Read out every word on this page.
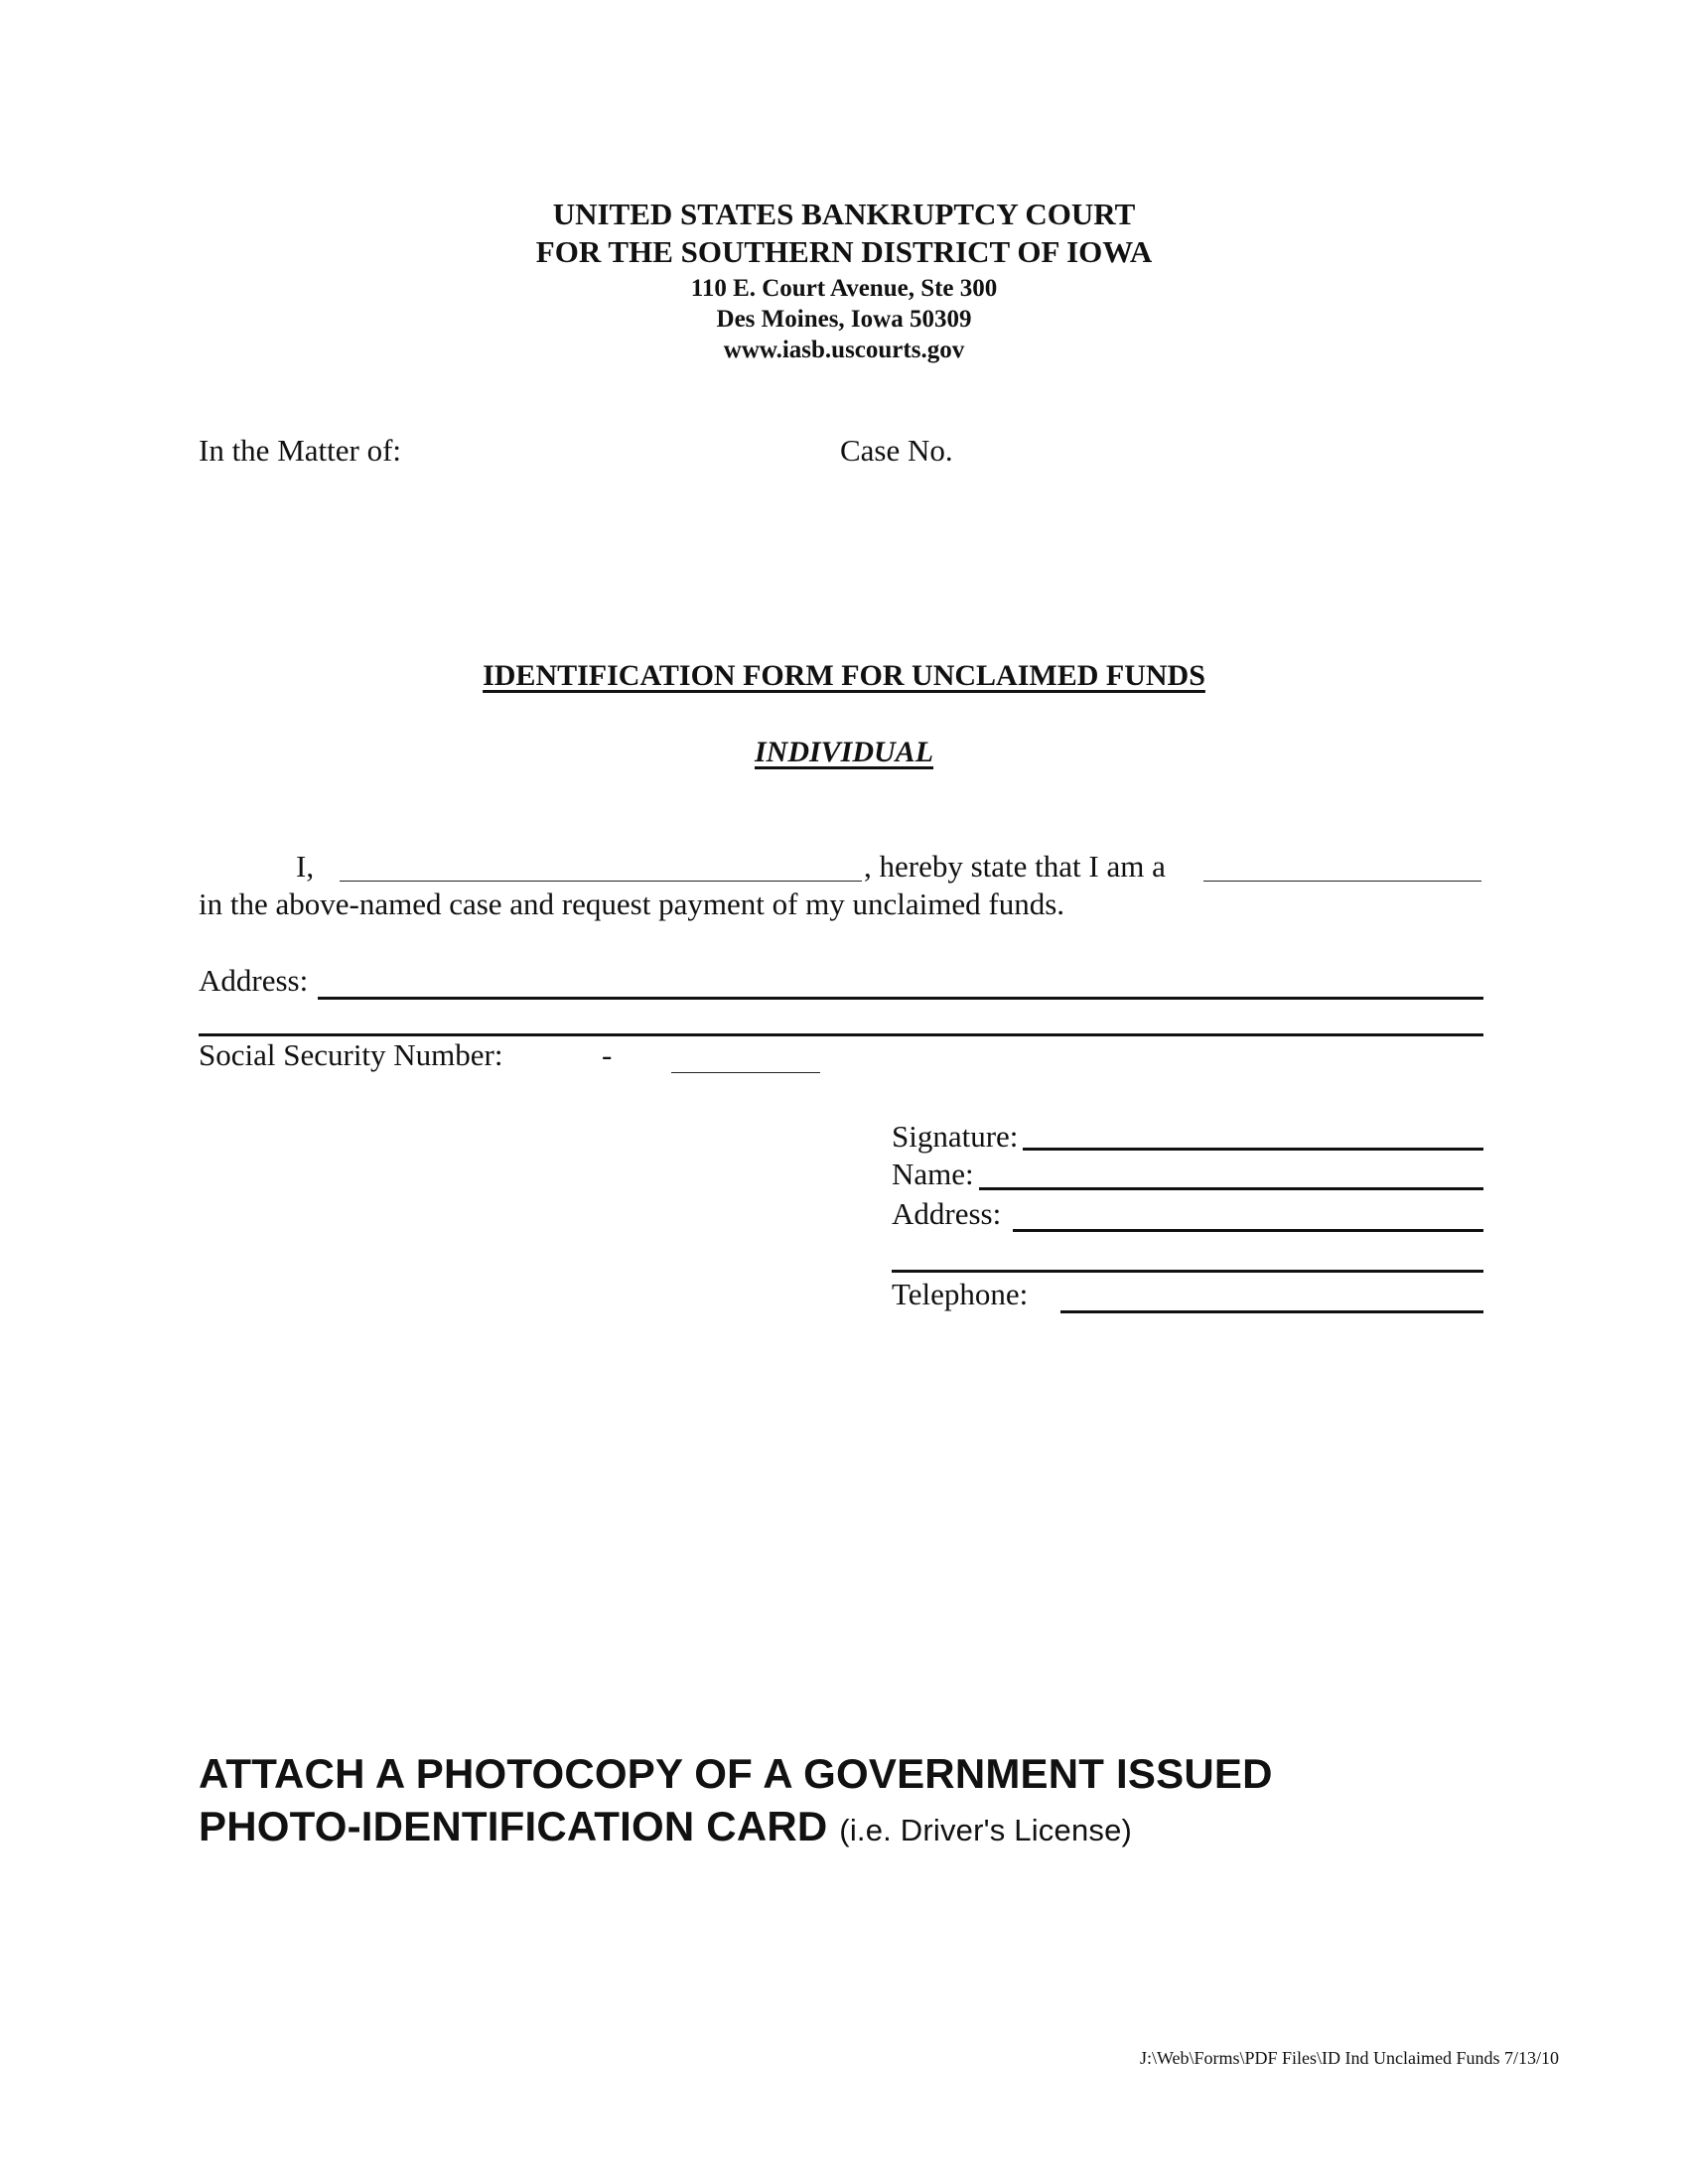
UNITED STATES BANKRUPTCY COURT
FOR THE SOUTHERN DISTRICT OF IOWA
110 E. Court Avenue, Ste 300
Des Moines, Iowa 50309
www.iasb.uscourts.gov
In the Matter of:	Case No.
IDENTIFICATION FORM FOR UNCLAIMED FUNDS
INDIVIDUAL
I,	, hereby state that I am a
in the above-named case and request payment of my unclaimed funds.
Address:
Social Security Number:	-
Signature:
Name:
Address:
Telephone:
ATTACH A PHOTOCOPY OF A GOVERNMENT ISSUED
PHOTO-IDENTIFICATION CARD (i.e. Driver's License)
J:\Web\Forms\PDF Files\ID Ind Unclaimed Funds 7/13/10
